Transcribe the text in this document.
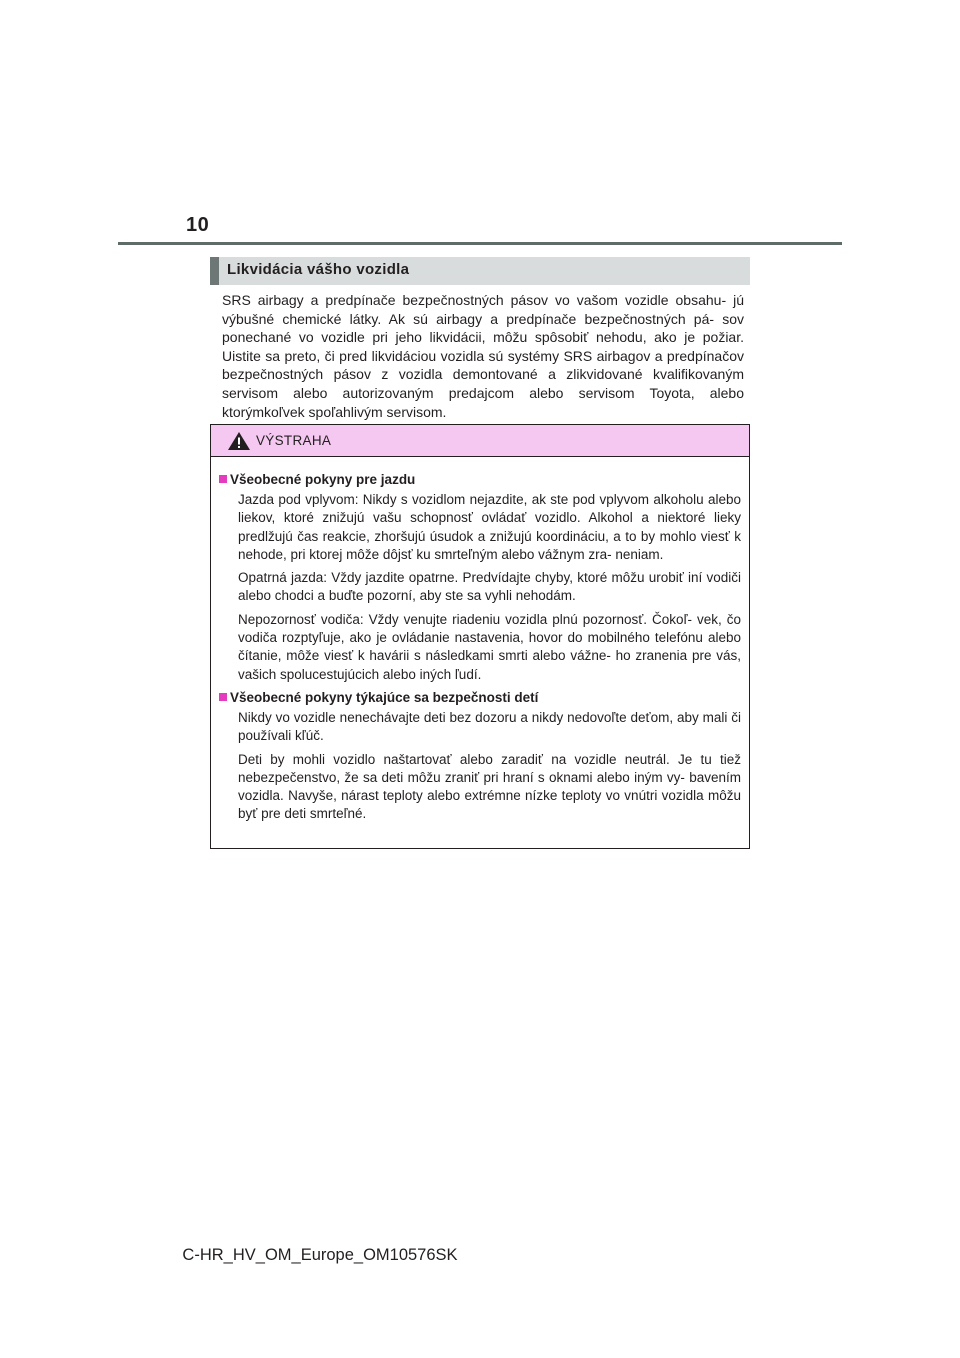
10
Likvidácia vášho vozidla

SRS airbagy a predpínače bezpečnostných pásov vo vašom vozidle obsahu- jú výbušné chemické látky. Ak sú airbagy a predpínače bezpečnostných pá- sov ponechané vo vozidle pri jeho likvidácii, môžu spôsobiť nehodu, ako je požiar. Uistite sa preto, či pred likvidáciou vozidla sú systémy SRS airbagov a predpínačov bezpečnostných pásov z vozidla demontované a zlikvidované kvalifikovaným servisom alebo autorizovaným predajcom alebo servisom Toyota, alebo ktorýmkoľvek spoľahlivým servisom.

VÝSTRAHA
Všeobecné pokyny pre jazdu

Jazda pod vplyvom: Nikdy s vozidlom nejazdite, ak ste pod vplyvom alkoholu alebo liekov, ktoré znižujú vašu schopnosť ovládať vozidlo. Alkohol a niektoré lieky predlžujú čas reakcie, zhoršujú úsudok a znižujú koordináciu, a to by mohlo viesť k nehode, pri ktorej môže dôjsť ku smrteľným alebo vážnym zra- neniam.

Opatrná jazda: Vždy jazdite opatrne. Predvídajte chyby, ktoré môžu urobiť iní vodiči alebo chodci a buďte pozorní, aby ste sa vyhli nehodám.

Nepozornosť vodiča: Vždy venujte riadeniu vozidla plnú pozornosť. Čokoľ- vek, čo vodiča rozptyľuje, ako je ovládanie nastavenia, hovor do mobilného telefónu alebo čítanie, môže viesť k havárii s následkami smrti alebo vážne- ho zranenia pre vás, vašich spolucestujúcich alebo iných ľudí.

Všeobecné pokyny týkajúce sa bezpečnosti detí

Nikdy vo vozidle nenechávajte deti bez dozoru a nikdy nedovoľte deťom, aby mali či používali kľúč.

Deti by mohli vozidlo naštartovať alebo zaradiť na vozidle neutrál. Je tu tiež nebezpečenstvo, že sa deti môžu zraniť pri hraní s oknami alebo iným vy- bavením vozidla. Navyše, nárast teploty alebo extrémne nízke teploty vo vnútri vozidla môžu byť pre deti smrteľné.

C-HR_HV_OM_Europe_OM10576SK
